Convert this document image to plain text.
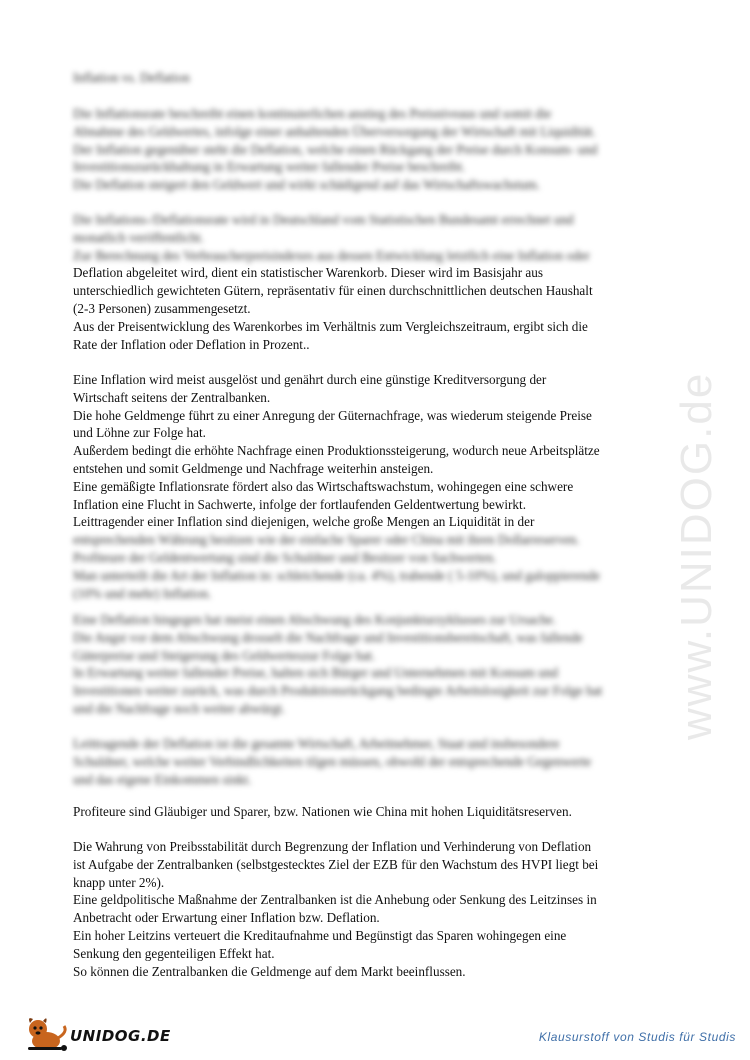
www.UNIDOG.de
Inflation vs. Deflation
Die Inflationsrate beschreibt einen kontinuierlichen anstieg des Preisniveaus und somit die
Abnahme des Geldwertes, infolge einer anhaltenden Überversorgung der Wirtschaft mit Liquidität.
Der Inflation gegenüber steht die Deflation, welche einen Rückgang der Preise durch Konsum- und
Investitionszurückhaltung in Erwartung weiter fallender Preise beschreibt.
Die Deflation steigert den Geldwert und wirkt schädigend auf das Wirtschaftswachstum.
Die Inflations-/Deflationsrate wird in Deutschland vom Statistischen Bundesamt errechnet und
monatlich veröffentlicht.
Zur Berechnung des Verbraucherpreisindexes aus dessen Entwicklung letztlich eine Inflation oder
Deflation abgeleitet wird, dient ein statistischer Warenkorb. Dieser wird im Basisjahr aus
unterschiedlich gewichteten Gütern, repräsentativ für einen durchschnittlichen deutschen Haushalt
(2-3 Personen) zusammengesetzt.
Aus der Preisentwicklung des Warenkorbes im Verhältnis zum Vergleichszeitraum, ergibt sich die
Rate der Inflation oder Deflation in Prozent..
Eine Inflation wird meist ausgelöst und genährt durch eine günstige Kreditversorgung der
Wirtschaft seitens der Zentralbanken.
Die hohe Geldmenge führt zu einer Anregung der Güternachfrage, was wiederum steigende Preise
und Löhne zur Folge hat.
Außerdem bedingt die erhöhte Nachfrage einen Produktionssteigerung, wodurch neue Arbeitsplätze
entstehen und somit Geldmenge und Nachfrage weiterhin ansteigen.
Eine gemäßigte Inflationsrate fördert also das Wirtschaftswachstum, wohingegen eine schwere
Inflation eine Flucht in Sachwerte, infolge der fortlaufenden Geldentwertung bewirkt.
Leittragender einer Inflation sind diejenigen, welche große Mengen an Liquidität in der
entsprechenden Währung besitzen wie der einfache Sparer oder China mit ihren Dollarreserven.
Profiteure der Geldentwertung sind die Schuldner und Besitzer von Sachwerten.
Man unterteilt die Art der Inflation in: schleichende (ca. 4%), trabende ( 5-10%), und galoppierende
(10% und mehr) Inflation.
Eine Deflation hingegen hat meist einen Abschwung des Konjunkturzyklusses zur Ursache.
Die Angst vor dem Abschwung drosselt die Nachfrage und Investitionsbereitschaft, was fallende
Güterpreise und Steigerung des Geldwerteszur Folge hat.
In Erwartung weiter fallender Preise, halten sich Bürger und Unternehmen mit Konsum und
Investitionen weiter zurück, was durch Produktionsrückgang bedingte Arbeitslosigkeit zur Folge hat
und die Nachfrage noch weiter abwürgt.
Leittragende der Deflation ist die gesamte Wirtschaft, Arbeitnehmer, Staat und insbesondere
Schuldner, welche weiter Verbindlichkeiten tilgen müssen, obwohl der entsprechende Gegenwerte
und das eigene Einkommen sinkt.
Profiteure sind Gläubiger und Sparer, bzw. Nationen wie China mit hohen Liquiditätsreserven.
Die Wahrung von Preibsstabilität durch Begrenzung der Inflation und Verhinderung von Deflation
ist Aufgabe der Zentralbanken (selbstgestecktes Ziel der EZB für den Wachstum des HVPI liegt bei
knapp unter 2%).
Eine geldpolitische Maßnahme der Zentralbanken ist die Anhebung oder Senkung des Leitzinses in
Anbetracht oder Erwartung einer Inflation bzw. Deflation.
Ein hoher Leitzins verteuert die Kreditaufnahme und Begünstigt das Sparen wohingegen eine
Senkung den gegenteiligen Effekt hat.
So können die Zentralbanken die Geldmenge auf dem Markt beeinflussen.
UNIDOG.DE	Klausurstoff von Studis für Studis
